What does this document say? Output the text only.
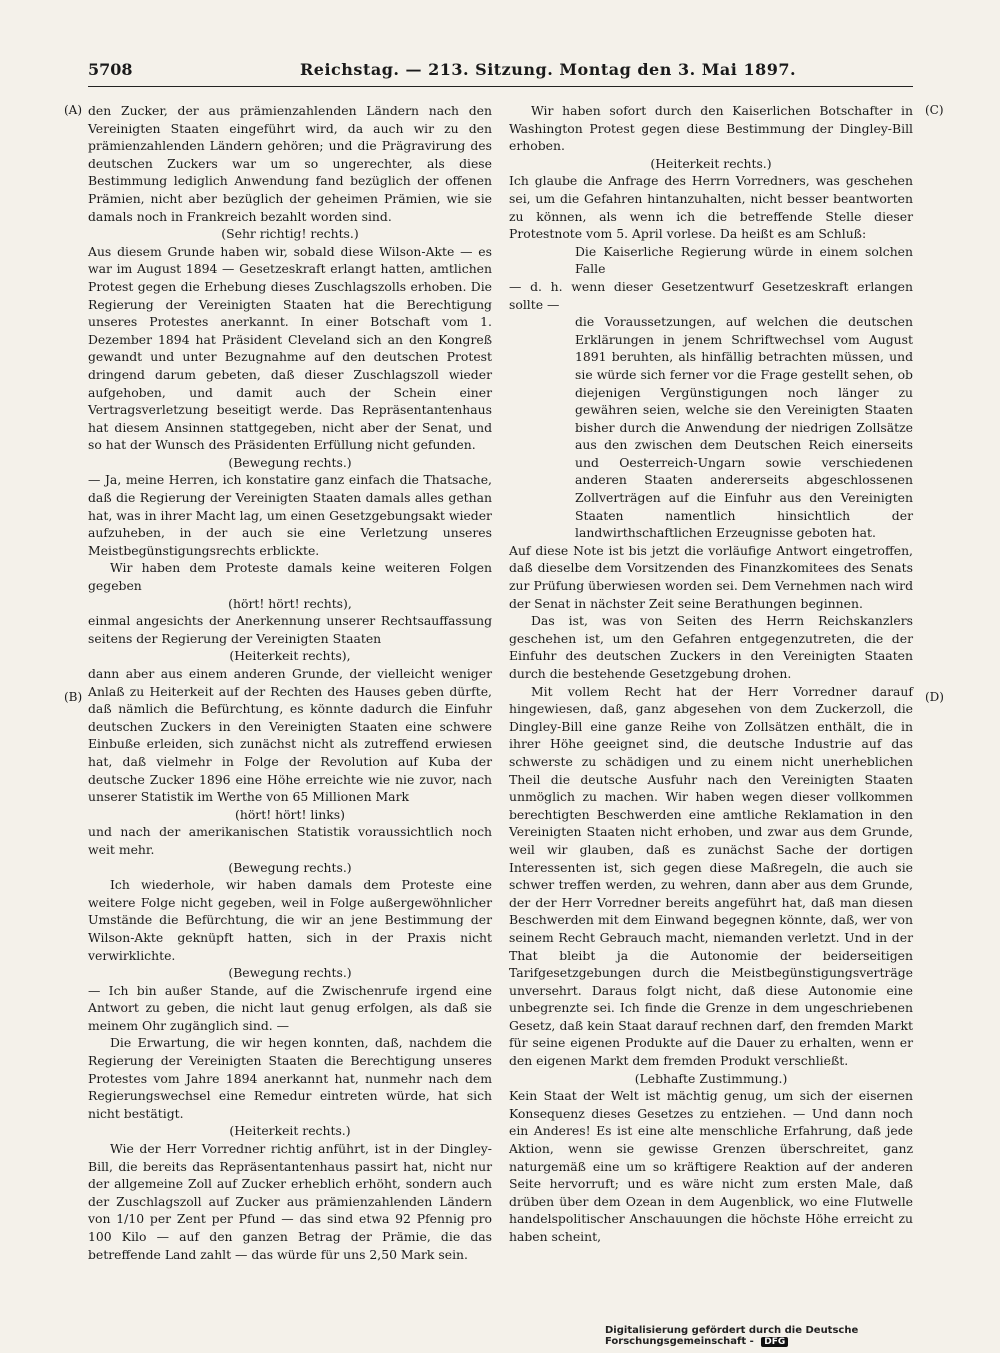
5708	Reichstag. — 213. Sitzung. Montag den 3. Mai 1897.
(A)
(B)
(C)
(D)

den Zucker, der aus prämienzahlenden Ländern nach den Vereinigten Staaten eingeführt wird, da auch wir zu den prämienzahlenden Ländern gehören; und die Prägravirung des deutschen Zuckers war um so ungerechter, als diese Bestimmung lediglich Anwendung fand bezüglich der offenen Prämien, nicht aber bezüglich der geheimen Prämien, wie sie damals noch in Frankreich bezahlt worden sind.

(Sehr richtig! rechts.)

Aus diesem Grunde haben wir, sobald diese Wilson-Akte — es war im August 1894 — Gesetzeskraft erlangt hatten, amtlichen Protest gegen die Erhebung dieses Zuschlagszolls erhoben. Die Regierung der Vereinigten Staaten hat die Berechtigung unseres Protestes anerkannt. In einer Botschaft vom 1. Dezember 1894 hat Präsident Cleveland sich an den Kongreß gewandt und unter Bezugnahme auf den deutschen Protest dringend darum gebeten, daß dieser Zuschlagszoll wieder aufgehoben, und damit auch der Schein einer Vertragsverletzung beseitigt werde. Das Repräsentantenhaus hat diesem Ansinnen stattgegeben, nicht aber der Senat, und so hat der Wunsch des Präsidenten Erfüllung nicht gefunden.

(Bewegung rechts.)

— Ja, meine Herren, ich konstatire ganz einfach die Thatsache, daß die Regierung der Vereinigten Staaten damals alles gethan hat, was in ihrer Macht lag, um einen Gesetzgebungsakt wieder aufzuheben, in der auch sie eine Verletzung unseres Meistbegünstigungsrechts erblickte.

Wir haben dem Proteste damals keine weiteren Folgen gegeben

(hört! hört! rechts),

einmal angesichts der Anerkennung unserer Rechtsauffassung seitens der Regierung der Vereinigten Staaten

(Heiterkeit rechts),

dann aber aus einem anderen Grunde, der vielleicht weniger Anlaß zu Heiterkeit auf der Rechten des Hauses geben dürfte, daß nämlich die Befürchtung, es könnte dadurch die Einfuhr deutschen Zuckers in den Vereinigten Staaten eine schwere Einbuße erleiden, sich zunächst nicht als zutreffend erwiesen hat, daß vielmehr in Folge der Revolution auf Kuba der deutsche Zucker 1896 eine Höhe erreichte wie nie zuvor, nach unserer Statistik im Werthe von 65 Millionen Mark

(hört! hört! links)

und nach der amerikanischen Statistik voraussichtlich noch weit mehr.

(Bewegung rechts.)

Ich wiederhole, wir haben damals dem Proteste eine weitere Folge nicht gegeben, weil in Folge außergewöhnlicher Umstände die Befürchtung, die wir an jene Bestimmung der Wilson-Akte geknüpft hatten, sich in der Praxis nicht verwirklichte.

(Bewegung rechts.)

— Ich bin außer Stande, auf die Zwischenrufe irgend eine Antwort zu geben, die nicht laut genug erfolgen, als daß sie meinem Ohr zugänglich sind. —

Die Erwartung, die wir hegen konnten, daß, nachdem die Regierung der Vereinigten Staaten die Berechtigung unseres Protestes vom Jahre 1894 anerkannt hat, nunmehr nach dem Regierungswechsel eine Remedur eintreten würde, hat sich nicht bestätigt.

(Heiterkeit rechts.)

Wie der Herr Vorredner richtig anführt, ist in der Dingley-Bill, die bereits das Repräsentantenhaus passirt hat, nicht nur der allgemeine Zoll auf Zucker erheblich erhöht, sondern auch der Zuschlagszoll auf Zucker aus prämienzahlenden Ländern von 1/10 per Zent per Pfund — das sind etwa 92 Pfennig pro 100 Kilo — auf den ganzen Betrag der Prämie, die das betreffende Land zahlt — das würde für uns 2,50 Mark sein.

Wir haben sofort durch den Kaiserlichen Botschafter in Washington Protest gegen diese Bestimmung der Dingley-Bill erhoben.

(Heiterkeit rechts.)

Ich glaube die Anfrage des Herrn Vorredners, was geschehen sei, um die Gefahren hintanzuhalten, nicht besser beantworten zu können, als wenn ich die betreffende Stelle dieser Protestnote vom 5. April vorlese. Da heißt es am Schluß:

Die Kaiserliche Regierung würde in einem solchen Falle

— d. h. wenn dieser Gesetzentwurf Gesetzeskraft erlangen sollte —

die Voraussetzungen, auf welchen die deutschen Erklärungen in jenem Schriftwechsel vom August 1891 beruhten, als hinfällig betrachten müssen, und sie würde sich ferner vor die Frage gestellt sehen, ob diejenigen Vergünstigungen noch länger zu gewähren seien, welche sie den Vereinigten Staaten bisher durch die Anwendung der niedrigen Zollsätze aus den zwischen dem Deutschen Reich einerseits und Oesterreich-Ungarn sowie verschiedenen anderen Staaten andererseits abgeschlossenen Zollverträgen auf die Einfuhr aus den Vereinigten Staaten namentlich hinsichtlich der landwirthschaftlichen Erzeugnisse geboten hat.

Auf diese Note ist bis jetzt die vorläufige Antwort eingetroffen, daß dieselbe dem Vorsitzenden des Finanzkomitees des Senats zur Prüfung überwiesen worden sei. Dem Vernehmen nach wird der Senat in nächster Zeit seine Berathungen beginnen.

Das ist, was von Seiten des Herrn Reichskanzlers geschehen ist, um den Gefahren entgegenzutreten, die der Einfuhr des deutschen Zuckers in den Vereinigten Staaten durch die bestehende Gesetzgebung drohen.

Mit vollem Recht hat der Herr Vorredner darauf hingewiesen, daß, ganz abgesehen von dem Zuckerzoll, die Dingley-Bill eine ganze Reihe von Zollsätzen enthält, die in ihrer Höhe geeignet sind, die deutsche Industrie auf das schwerste zu schädigen und zu einem nicht unerheblichen Theil die deutsche Ausfuhr nach den Vereinigten Staaten unmöglich zu machen. Wir haben wegen dieser vollkommen berechtigten Beschwerden eine amtliche Reklamation in den Vereinigten Staaten nicht erhoben, und zwar aus dem Grunde, weil wir glauben, daß es zunächst Sache der dortigen Interessenten ist, sich gegen diese Maßregeln, die auch sie schwer treffen werden, zu wehren, dann aber aus dem Grunde, der der Herr Vorredner bereits angeführt hat, daß man diesen Beschwerden mit dem Einwand begegnen könnte, daß, wer von seinem Recht Gebrauch macht, niemanden verletzt. Und in der That bleibt ja die Autonomie der beiderseitigen Tarifgesetzgebungen durch die Meistbegünstigungsverträge unversehrt. Daraus folgt nicht, daß diese Autonomie eine unbegrenzte sei. Ich finde die Grenze in dem ungeschriebenen Gesetz, daß kein Staat darauf rechnen darf, den fremden Markt für seine eigenen Produkte auf die Dauer zu erhalten, wenn er den eigenen Markt dem fremden Produkt verschließt.

(Lebhafte Zustimmung.)

Kein Staat der Welt ist mächtig genug, um sich der eisernen Konsequenz dieses Gesetzes zu entziehen. — Und dann noch ein Anderes! Es ist eine alte menschliche Erfahrung, daß jede Aktion, wenn sie gewisse Grenzen überschreitet, ganz naturgemäß eine um so kräftigere Reaktion auf der anderen Seite hervorruft; und es wäre nicht zum ersten Male, daß drüben über dem Ozean in dem Augenblick, wo eine Flutwelle handelspolitischer Anschauungen die höchste Höhe erreicht zu haben scheint,

Digitalisierung gefördert durch die Deutsche Forschungsgemeinschaft - DFG
